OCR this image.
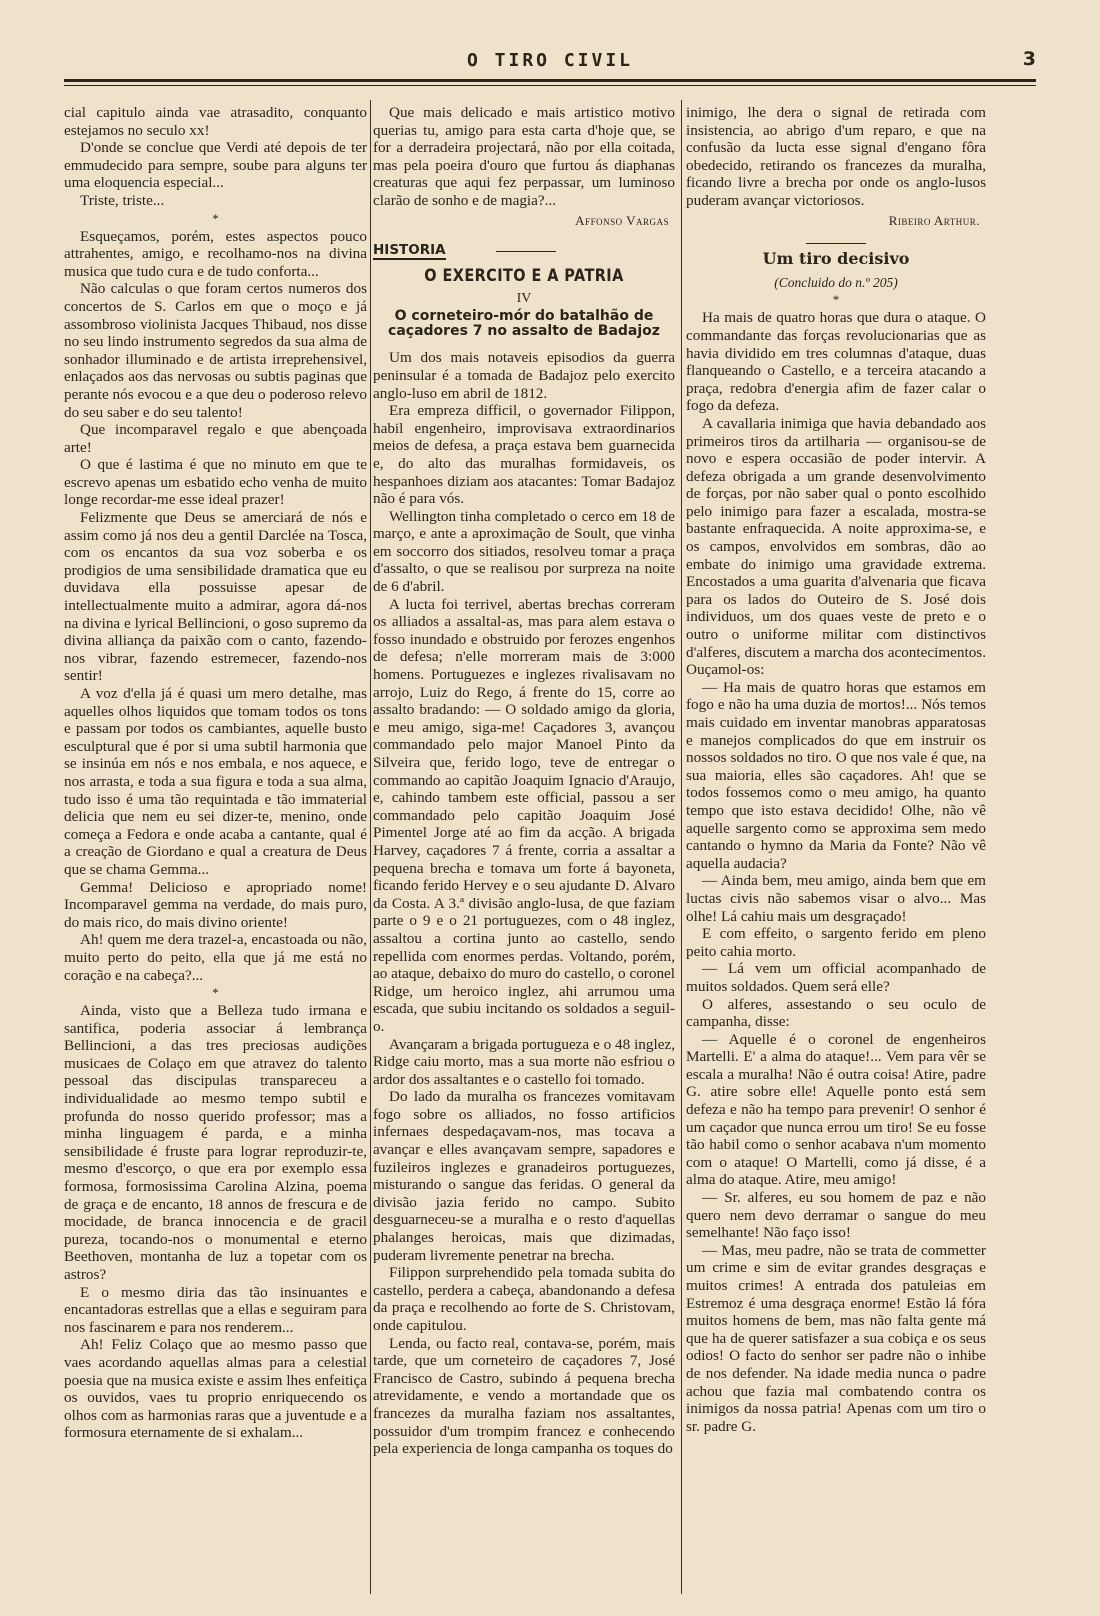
O TIRO CIVIL	3

cial capitulo ainda vae atrasadito, conquanto estejamos no seculo xx!

D'onde se conclue que Verdi até depois de ter emmudecido para sempre, soube para alguns ter uma eloquencia especial...

Triste, triste...

*

Esqueçamos, porém, estes aspectos pouco attrahentes, amigo, e recolhamo-nos na divina musica que tudo cura e de tudo conforta...

Não calculas o que foram certos numeros dos concertos de S. Carlos em que o moço e já assombroso violinista Jacques Thibaud, nos disse no seu lindo instrumento segredos da sua alma de sonhador illuminado e de artista irreprehensivel, enlaçados aos das nervosas ou subtis paginas que perante nós evocou e a que deu o poderoso relevo do seu saber e do seu talento!

Que incomparavel regalo e que abençoada arte!

O que é lastima é que no minuto em que te escrevo apenas um esbatido echo venha de muito longe recordar-me esse ideal prazer!

Felizmente que Deus se amerciará de nós e assim como já nos deu a gentil Darclée na Tosca, com os encantos da sua voz soberba e os prodigios de uma sensibilidade dramatica que eu duvidava ella possuisse apesar de intellectualmente muito a admirar, agora dá-nos na divina e lyrical Bellincioni, o goso supremo da divina alliança da paixão com o canto, fazendo-nos vibrar, fazendo estremecer, fazendo-nos sentir!

A voz d'ella já é quasi um mero detalhe, mas aquelles olhos liquidos que tomam todos os tons e passam por todos os cambiantes, aquelle busto esculptural que é por si uma subtil harmonia que se insinúa em nós e nos embala, e nos aquece, e nos arrasta, e toda a sua figura e toda a sua alma, tudo isso é uma tão requintada e tão immaterial delicia que nem eu sei dizer-te, menino, onde começa a Fedora e onde acaba a cantante, qual é a creação de Giordano e qual a creatura de Deus que se chama Gemma...

Gemma! Delicioso e apropriado nome! Incomparavel gemma na verdade, do mais puro, do mais rico, do mais divino oriente!

Ah! quem me dera trazel-a, encastoada ou não, muito perto do peito, ella que já me está no coração e na cabeça?...

*

Ainda, visto que a Belleza tudo irmana e santifica, poderia associar á lembrança Bellincioni, a das tres preciosas audições musicaes de Colaço em que atravez do talento pessoal das discipulas transpareceu a individualidade ao mesmo tempo subtil e profunda do nosso querido professor; mas a minha linguagem é parda, e a minha sensibilidade é fruste para lograr reproduzir-te, mesmo d'escorço, o que era por exemplo essa formosa, formosissima Carolina Alzina, poema de graça e de encanto, 18 annos de frescura e de mocidade, de branca innocencia e de gracil pureza, tocando-nos o monumental e eterno Beethoven, montanha de luz a topetar com os astros?

E o mesmo diria das tão insinuantes e encantadoras estrellas que a ellas e seguiram para nos fascinarem e para nos renderem...

Ah! Feliz Colaço que ao mesmo passo que vaes acordando aquellas almas para a celestial poesia que na musica existe e assim lhes enfeitiça os ouvidos, vaes tu proprio enriquecendo os olhos com as harmonias raras que a juventude e a formosura eternamente de si exhalam...

Que mais delicado e mais artistico motivo querias tu, amigo para esta carta d'hoje que, se for a derradeira projectará, não por ella coitada, mas pela poeira d'ouro que furtou ás diaphanas creaturas que aqui fez perpassar, um luminoso clarão de sonho e de magia?...

Affonso Vargas
HISTORIA
O EXERCITO E A PATRIA
IV
O corneteiro-mór do batalhão de caçadores 7 no assalto de Badajoz

Um dos mais notaveis episodios da guerra peninsular é a tomada de Badajoz pelo exercito anglo-luso em abril de 1812.

Era empreza difficil, o governador Filippon, habil engenheiro, improvisava extraordinarios meios de defesa, a praça estava bem guarnecida e, do alto das muralhas formidaveis, os hespanhoes diziam aos atacantes: Tomar Badajoz não é para vós.

Wellington tinha completado o cerco em 18 de março, e ante a aproximação de Soult, que vinha em soccorro dos sitiados, resolveu tomar a praça d'assalto, o que se realisou por surpreza na noite de 6 d'abril.

A lucta foi terrivel, abertas brechas correram os alliados a assaltal-as, mas para alem estava o fosso inundado e obstruido por ferozes engenhos de defesa; n'elle morreram mais de 3:000 homens. Portuguezes e inglezes rivalisavam no arrojo, Luiz do Rego, á frente do 15, corre ao assalto bradando: — O soldado amigo da gloria, e meu amigo, siga-me! Caçadores 3, avançou commandado pelo major Manoel Pinto da Silveira que, ferido logo, teve de entregar o commando ao capitão Joaquim Ignacio d'Araujo, e, cahindo tambem este official, passou a ser commandado pelo capitão Joaquim José Pimentel Jorge até ao fim da acção. A brigada Harvey, caçadores 7 á frente, corria a assaltar a pequena brecha e tomava um forte á bayoneta, ficando ferido Hervey e o seu ajudante D. Alvaro da Costa. A 3.ª divisão anglo-lusa, de que faziam parte o 9 e o 21 portuguezes, com o 48 inglez, assaltou a cortina junto ao castello, sendo repellida com enormes perdas. Voltando, porém, ao ataque, debaixo do muro do castello, o coronel Ridge, um heroico inglez, ahi arrumou uma escada, que subiu incitando os soldados a seguil-o.

Avançaram a brigada portugueza e o 48 inglez, Ridge caiu morto, mas a sua morte não esfriou o ardor dos assaltantes e o castello foi tomado.

Do lado da muralha os francezes vomitavam fogo sobre os alliados, no fosso artificios infernaes despedaçavam-nos, mas tocava a avançar e elles avançavam sempre, sapadores e fuzileiros inglezes e granadeiros portuguezes, misturando o sangue das feridas. O general da divisão jazia ferido no campo. Subito desguarneceu-se a muralha e o resto d'aquellas phalanges heroicas, mais que dizimadas, puderam livremente penetrar na brecha.

Filippon surprehendido pela tomada subita do castello, perdera a cabeça, abandonando a defesa da praça e recolhendo ao forte de S. Christovam, onde capitulou.

Lenda, ou facto real, contava-se, porém, mais tarde, que um corneteiro de caçadores 7, José Francisco de Castro, subindo á pequena brecha atrevidamente, e vendo a mortandade que os francezes da muralha faziam nos assaltantes, possuidor d'um trompim francez e conhecendo pela experiencia de longa campanha os toques do

inimigo, lhe dera o signal de retirada com insistencia, ao abrigo d'um reparo, e que na confusão da lucta esse signal d'engano fôra obedecido, retirando os francezes da muralha, ficando livre a brecha por onde os anglo-lusos puderam avançar victoriosos.

Ribeiro Arthur.
Um tiro decisivo
(Concluido do n.º 205)
*

Ha mais de quatro horas que dura o ataque. O commandante das forças revolucionarias que as havia dividido em tres columnas d'ataque, duas flanqueando o Castello, e a terceira atacando a praça, redobra d'energia afim de fazer calar o fogo da defeza.

A cavallaria inimiga que havia debandado aos primeiros tiros da artilharia — organisou-se de novo e espera occasião de poder intervir. A defeza obrigada a um grande desenvolvimento de forças, por não saber qual o ponto escolhido pelo inimigo para fazer a escalada, mostra-se bastante enfraquecida. A noite approxima-se, e os campos, envolvidos em sombras, dão ao embate do inimigo uma gravidade extrema. Encostados a uma guarita d'alvenaria que ficava para os lados do Outeiro de S. José dois individuos, um dos quaes veste de preto e o outro o uniforme militar com distinctivos d'alferes, discutem a marcha dos acontecimentos. Ouçamol-os:

— Ha mais de quatro horas que estamos em fogo e não ha uma duzia de mortos!... Nós temos mais cuidado em inventar manobras apparatosas e manejos complicados do que em instruir os nossos soldados no tiro. O que nos vale é que, na sua maioria, elles são caçadores. Ah! que se todos fossemos como o meu amigo, ha quanto tempo que isto estava decidido! Olhe, não vê aquelle sargento como se approxima sem medo cantando o hymno da Maria da Fonte? Não vê aquella audacia?

— Ainda bem, meu amigo, ainda bem que em luctas civis não sabemos visar o alvo... Mas olhe! Lá cahiu mais um desgraçado!

E com effeito, o sargento ferido em pleno peito cahia morto.

— Lá vem um official acompanhado de muitos soldados. Quem será elle?

O alferes, assestando o seu oculo de campanha, disse:

— Aquelle é o coronel de engenheiros Martelli. E' a alma do ataque!... Vem para vêr se escala a muralha! Não é outra coisa! Atire, padre G. atire sobre elle! Aquelle ponto está sem defeza e não ha tempo para prevenir! O senhor é um caçador que nunca errou um tiro! Se eu fosse tão habil como o senhor acabava n'um momento com o ataque! O Martelli, como já disse, é a alma do ataque. Atire, meu amigo!

— Sr. alferes, eu sou homem de paz e não quero nem devo derramar o sangue do meu semelhante! Não faço isso!

— Mas, meu padre, não se trata de commetter um crime e sim de evitar grandes desgraças e muitos crimes! A entrada dos patuleias em Estremoz é uma desgraça enorme! Estão lá fóra muitos homens de bem, mas não falta gente má que ha de querer satisfazer a sua cobiça e os seus odios! O facto do senhor ser padre não o inhibe de nos defender. Na idade media nunca o padre achou que fazia mal combatendo contra os inimigos da nossa patria! Apenas com um tiro o sr. padre G.
